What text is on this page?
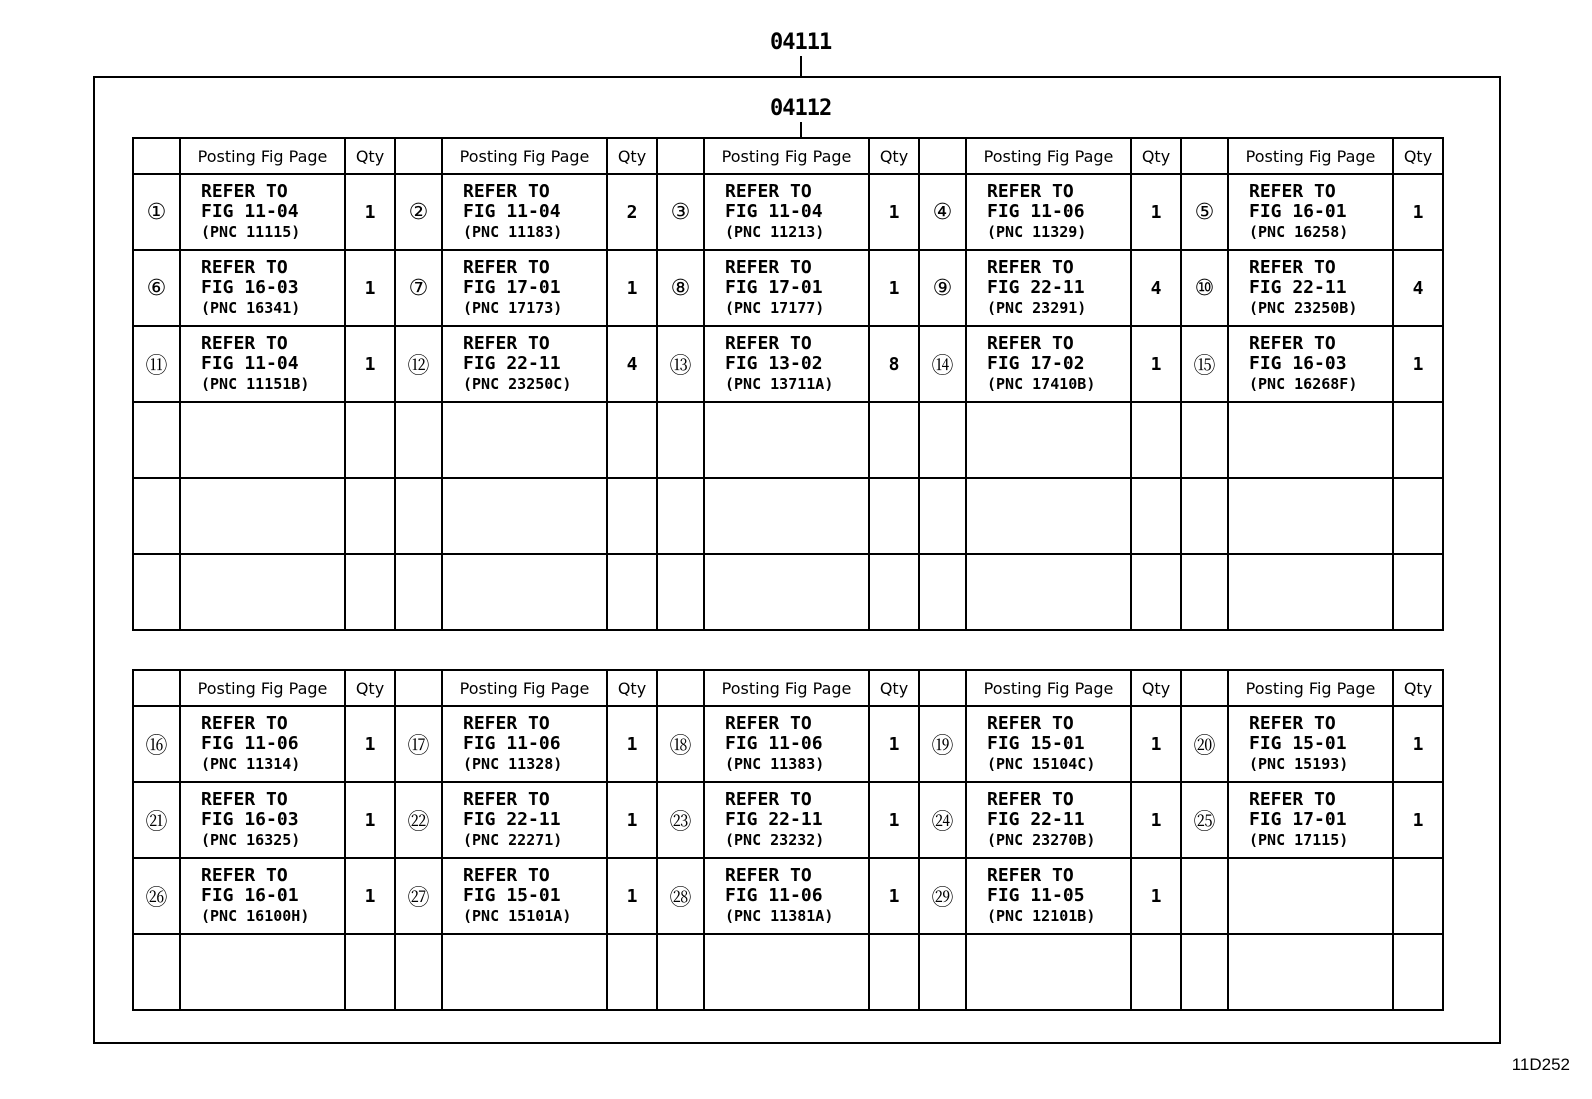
04111
04112
	Posting Fig Page	Qty		Posting Fig Page	Qty		Posting Fig Page	Qty		Posting Fig Page	Qty		Posting Fig Page	Qty
①	REFER TO
FIG 11-04
(PNC 11115)	1	②	REFER TO
FIG 11-04
(PNC 11183)	2	③	REFER TO
FIG 11-04
(PNC 11213)	1	④	REFER TO
FIG 11-06
(PNC 11329)	1	⑤	REFER TO
FIG 16-01
(PNC 16258)	1
⑥	REFER TO
FIG 16-03
(PNC 16341)	1	⑦	REFER TO
FIG 17-01
(PNC 17173)	1	⑧	REFER TO
FIG 17-01
(PNC 17177)	1	⑨	REFER TO
FIG 22-11
(PNC 23291)	4	⑩	REFER TO
FIG 22-11
(PNC 23250B)	4
⑪	REFER TO
FIG 11-04
(PNC 11151B)	1	⑫	REFER TO
FIG 22-11
(PNC 23250C)	4	⑬	REFER TO
FIG 13-02
(PNC 13711A)	8	⑭	REFER TO
FIG 17-02
(PNC 17410B)	1	⑮	REFER TO
FIG 16-03
(PNC 16268F)	1

	Posting Fig Page	Qty		Posting Fig Page	Qty		Posting Fig Page	Qty		Posting Fig Page	Qty		Posting Fig Page	Qty
⑯	REFER TO
FIG 11-06
(PNC 11314)	1	⑰	REFER TO
FIG 11-06
(PNC 11328)	1	⑱	REFER TO
FIG 11-06
(PNC 11383)	1	⑲	REFER TO
FIG 15-01
(PNC 15104C)	1	⑳	REFER TO
FIG 15-01
(PNC 15193)	1
㉑	REFER TO
FIG 16-03
(PNC 16325)	1	㉒	REFER TO
FIG 22-11
(PNC 22271)	1	㉓	REFER TO
FIG 22-11
(PNC 23232)	1	㉔	REFER TO
FIG 22-11
(PNC 23270B)	1	㉕	REFER TO
FIG 17-01
(PNC 17115)	1
㉖	REFER TO
FIG 16-01
(PNC 16100H)	1	㉗	REFER TO
FIG 15-01
(PNC 15101A)	1	㉘	REFER TO
FIG 11-06
(PNC 11381A)	1	㉙	REFER TO
FIG 11-05
(PNC 12101B)	1			

11D252
